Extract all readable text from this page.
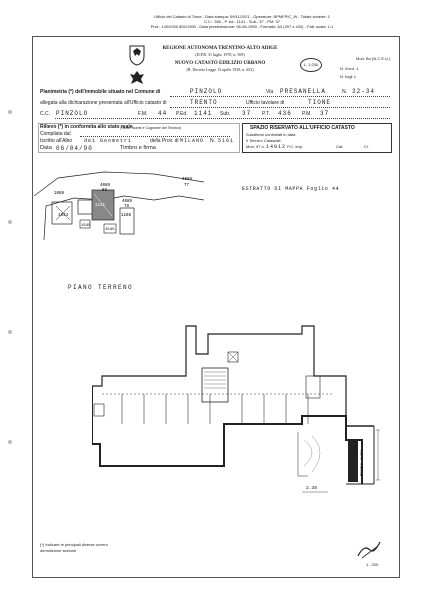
Ufficio del Catasto di Tione - Data stampa: 09/11/2021 - Operatore: BPMFPIC_W - Totale schede: 1
C.C.: 280 - P. ed.: 1141 - Sub.: 37 - PM: 37
Prot.: 140/2000 800/1990 - Data presentazione: 06-06-1990 - Formato: A3 (297 x 420) - Fatt. scala: 1:1
REGIONE AUTONOMA TRENTINO-ALTO ADIGE
(D.P.R. 31 luglio 1978, n. 569)
NUOVO CATASTO EDILIZIO URBANO
(R. Decreto Legge 13 aprile 1939, n. 652)
Mod. Bn (N.C.E.U.)
L. 1:200
N. d'ord. 1
N. fogli 1
Planimetria (*) dell'immobile situato nel Comune di	PINZOLO	Via PRESANELLA	N. 32-34
allegata alla dichiarazione presentata all'Ufficio catasto di	TRENTO	Ufficio tavolare di	TIONE
C.C. PINZOLO	F.M. 44 P.Ed. 1141 Sub. 37 P.T. 436 P.M. 37
Rilievo (*) in conformita allo stato reale
Compilata dal
(Titolo, Nome e Cognome del Tecnico)
Iscritto all'Albo dei Geometri	della Prov. di MILANO N. 5161
Data 06/04/90	Timbro e firma
SPAZIO RISERVATO ALL'UFFICIO CATASTO
Subalterni controllati in data
Il Tecnico Catastale
Mod. 97 n. 14012 P.C. imp.	Cat.	Cl.
1089
1544
1141
4089
83
1188
4089
78
4089
77
1545
1545
ESTRATTO DI MAPPA Foglio 44
PIANO TERRENO
5.20
2.38
Posto auto
(*) Indicare le principali diverse ovvero
demolizione sezione
1 : 200
